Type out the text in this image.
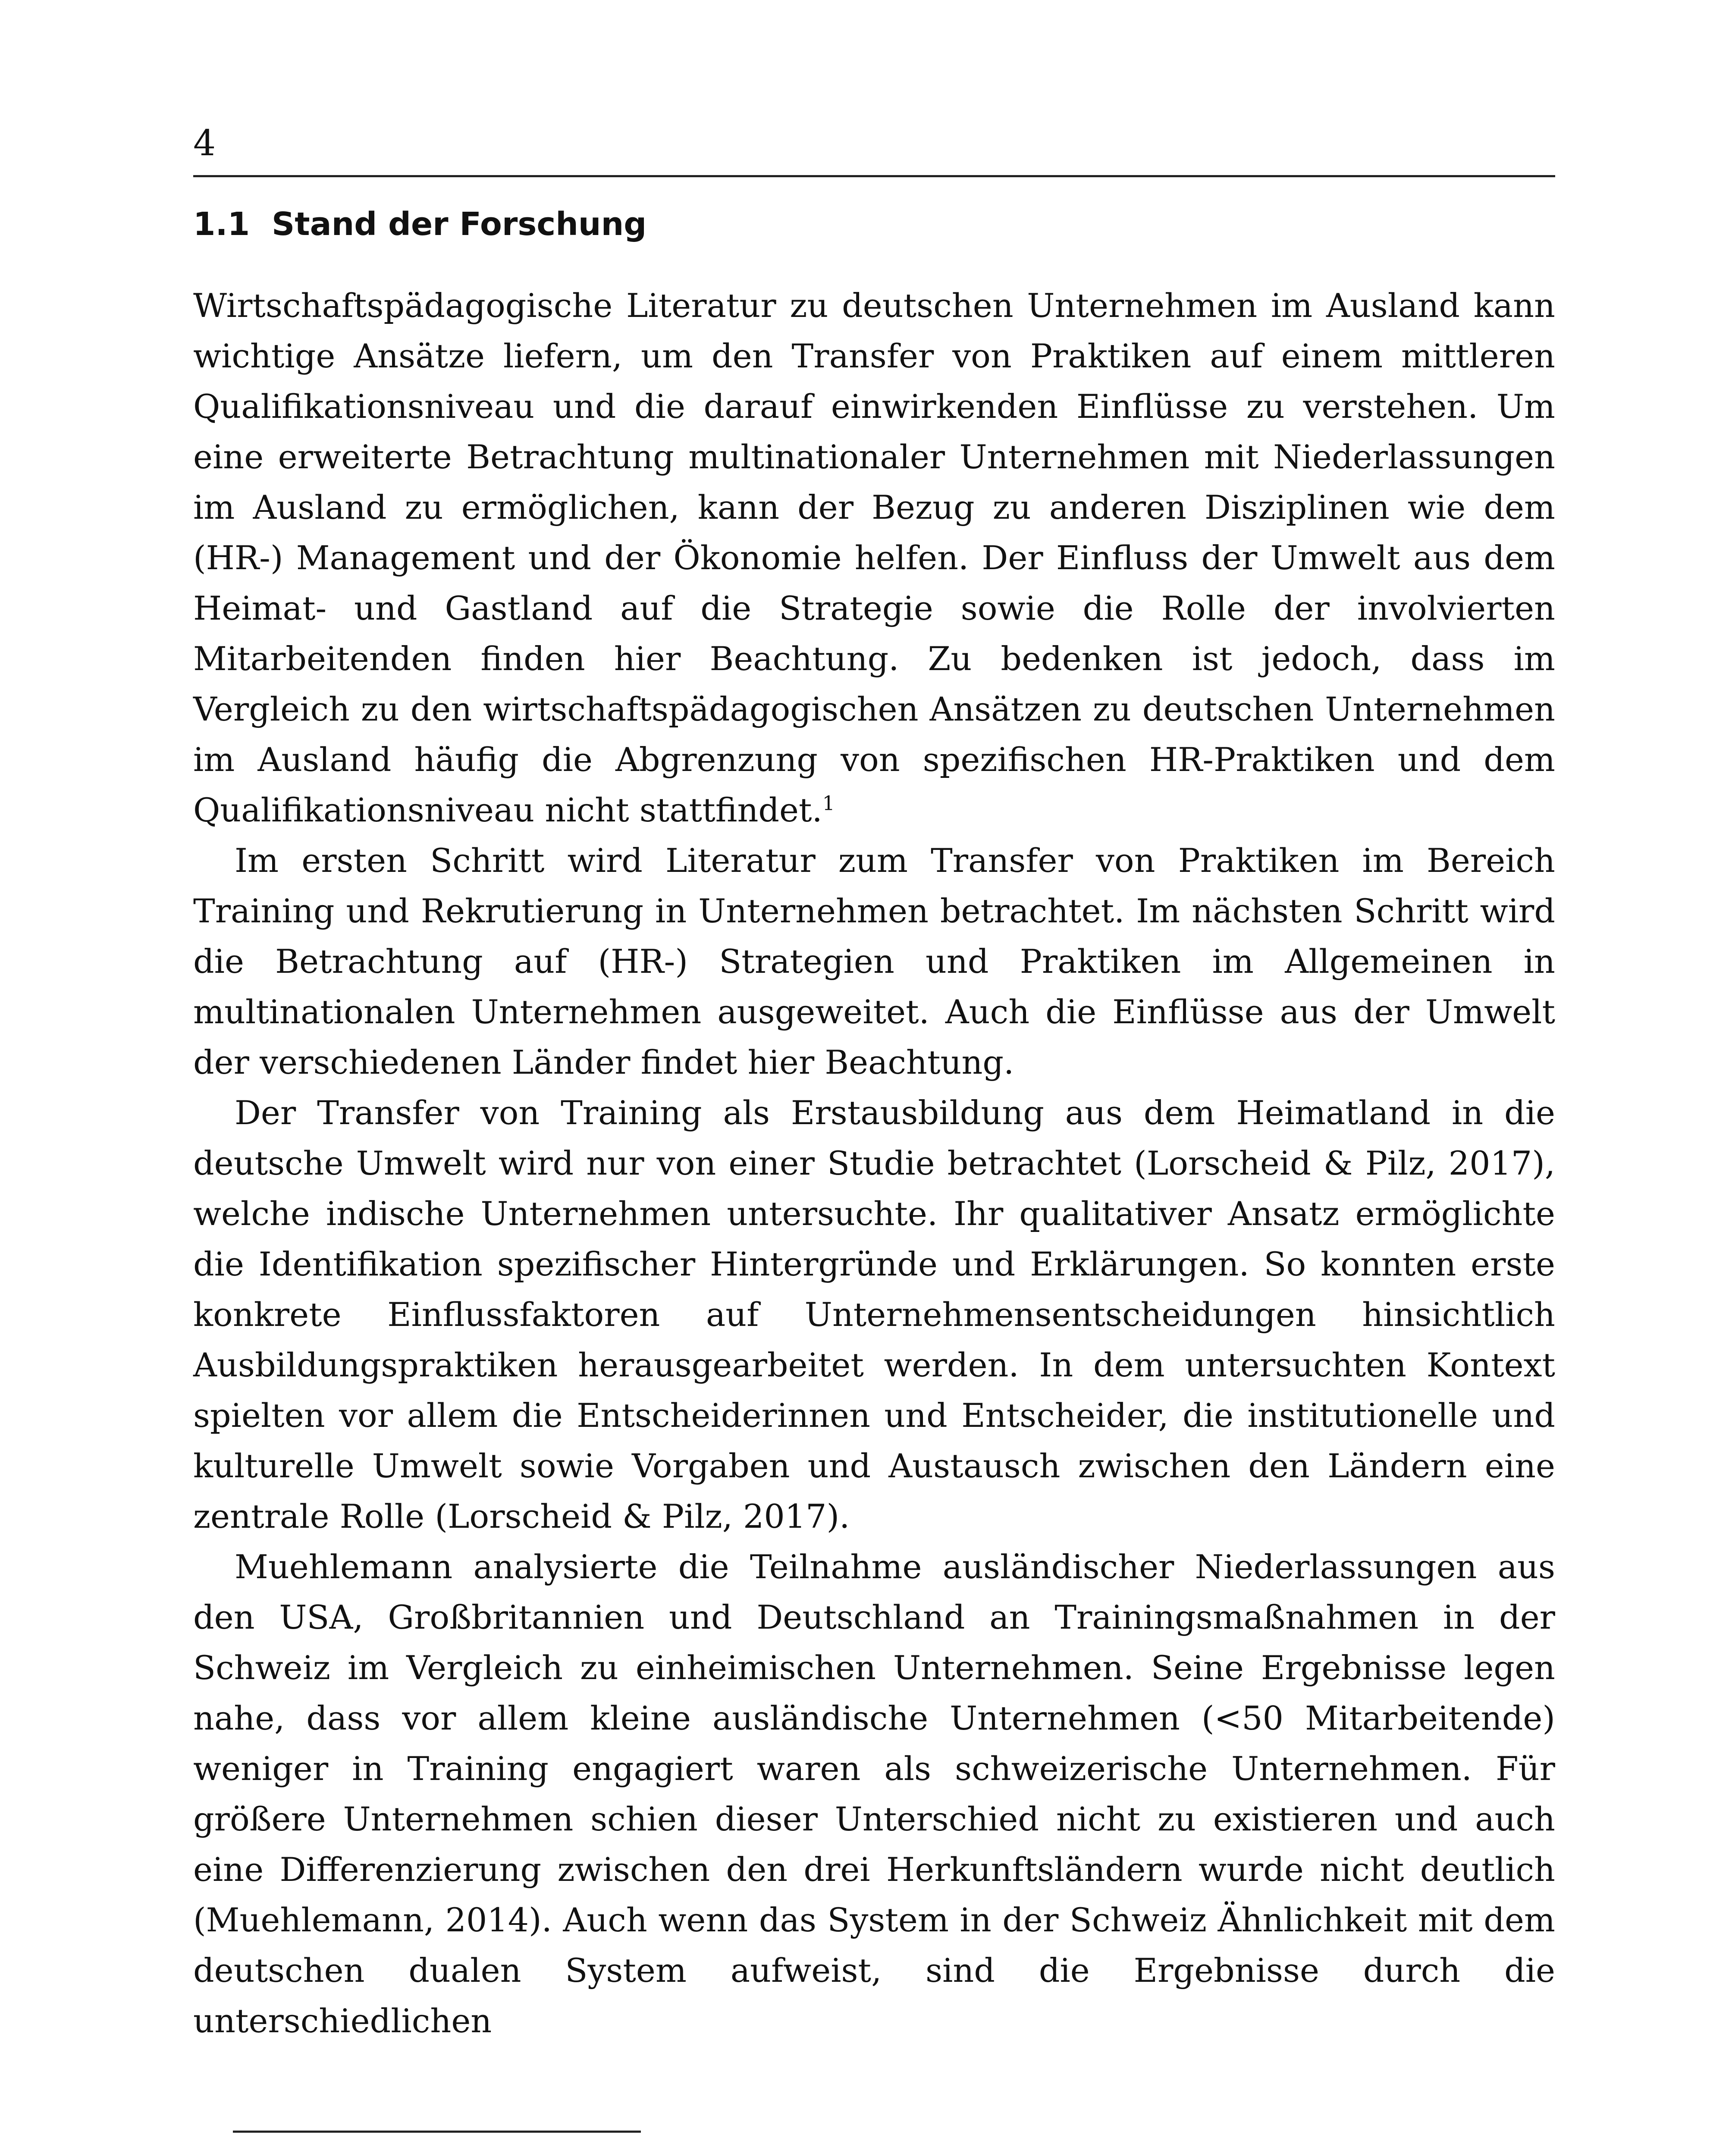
4
1.1 Stand der Forschung

Wirtschaftspädagogische Literatur zu deutschen Unternehmen im Ausland kann wichtige Ansätze liefern, um den Transfer von Praktiken auf einem mittleren Qualifikationsniveau und die darauf einwirkenden Einflüsse zu verstehen. Um eine erweiterte Betrachtung multinationaler Unternehmen mit Niederlassungen im Ausland zu ermöglichen, kann der Bezug zu anderen Disziplinen wie dem (HR-) Management und der Ökonomie helfen. Der Einfluss der Umwelt aus dem Heimat- und Gastland auf die Strategie sowie die Rolle der involvierten Mitarbeitenden finden hier Beachtung. Zu bedenken ist jedoch, dass im Vergleich zu den wirtschaftspädagogischen Ansätzen zu deutschen Unternehmen im Ausland häufig die Abgrenzung von spezifischen HR-Praktiken und dem Qualifikationsniveau nicht stattfindet.$^1$

Im ersten Schritt wird Literatur zum Transfer von Praktiken im Bereich Training und Rekrutierung in Unternehmen betrachtet. Im nächsten Schritt wird die Betrachtung auf (HR-) Strategien und Praktiken im Allgemeinen in multinationalen Unternehmen ausgeweitet. Auch die Einflüsse aus der Umwelt der verschiedenen Länder findet hier Beachtung.

Der Transfer von Training als Erstausbildung aus dem Heimatland in die deutsche Umwelt wird nur von einer Studie betrachtet (Lorscheid & Pilz, 2017), welche indische Unternehmen untersuchte. Ihr qualitativer Ansatz ermöglichte die Identifikation spezifischer Hintergründe und Erklärungen. So konnten erste konkrete Einflussfaktoren auf Unternehmensentscheidungen hinsichtlich Ausbildungspraktiken herausgearbeitet werden. In dem untersuchten Kontext spielten vor allem die Entscheiderinnen und Entscheider, die institutionelle und kulturelle Umwelt sowie Vorgaben und Austausch zwischen den Ländern eine zentrale Rolle (Lorscheid & Pilz, 2017).

Muehlemann analysierte die Teilnahme ausländischer Niederlassungen aus den USA, Großbritannien und Deutschland an Trainingsmaßnahmen in der Schweiz im Vergleich zu einheimischen Unternehmen. Seine Ergebnisse legen nahe, dass vor allem kleine ausländische Unternehmen (<50 Mitarbeitende) weniger in Training engagiert waren als schweizerische Unternehmen. Für größere Unternehmen schien dieser Unterschied nicht zu existieren und auch eine Differenzierung zwischen den drei Herkunftsländern wurde nicht deutlich (Muehlemann, 2014). Auch wenn das System in der Schweiz Ähnlichkeit mit dem deutschen dualen System aufweist, sind die Ergebnisse durch die unterschiedlichen
